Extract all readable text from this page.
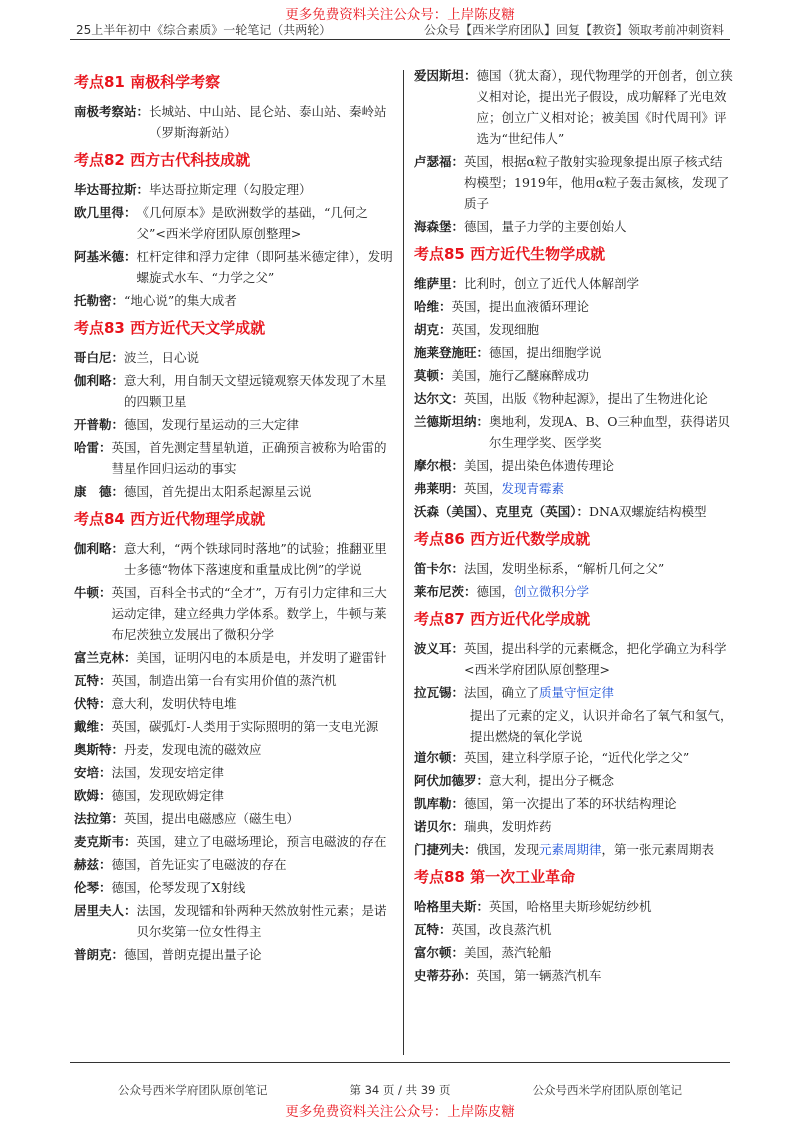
更多免费资料关注公众号：上岸陈皮糖
25上半年初中《综合素质》一轮笔记（共两轮）	公众号【西米学府团队】回复【教资】领取考前冲刺资料
考点81 南极科学考察
南极考察站： 长城站、中山站、昆仑站、泰山站、秦岭站（罗斯海新站）
考点82 西方古代科技成就
毕达哥拉斯： 毕达哥拉斯定理（勾股定理）
欧几里得： 《几何原本》是欧洲数学的基础，“几何之父”<西米学府团队原创整理>
阿基米德： 杠杆定律和浮力定律（即阿基米德定律），发明螺旋式水车、“力学之父”
托勒密： “地心说”的集大成者
考点83 西方近代天文学成就
哥白尼： 波兰，日心说
伽利略： 意大利，用自制天文望远镜观察天体发现了木星的四颗卫星
开普勒： 德国，发现行星运动的三大定律
哈雷： 英国，首先测定彗星轨道，正确预言被称为哈雷的彗星作回归运动的事实
康　德： 德国，首先提出太阳系起源星云说
考点84 西方近代物理学成就
伽利略： 意大利，“两个铁球同时落地”的试验；推翻亚里士多德“物体下落速度和重量成比例”的学说
牛顿： 英国，百科全书式的“全才”，万有引力定律和三大运动定律，建立经典力学体系。数学上，牛顿与莱布尼茨独立发展出了微积分学
富兰克林： 美国，证明闪电的本质是电，并发明了避雷针
瓦特： 英国，制造出第一台有实用价值的蒸汽机
伏特： 意大利，发明伏特电堆
戴维： 英国，碳弧灯-人类用于实际照明的第一支电光源
奥斯特： 丹麦，发现电流的磁效应
安培： 法国，发现安培定律
欧姆： 德国，发现欧姆定律
法拉第： 英国，提出电磁感应（磁生电）
麦克斯韦： 英国，建立了电磁场理论，预言电磁波的存在
赫兹： 德国，首先证实了电磁波的存在
伦琴： 德国，伦琴发现了X射线
居里夫人： 法国，发现镭和钋两种天然放射性元素；是诺贝尔奖第一位女性得主
普朗克： 德国，普朗克提出量子论
爱因斯坦： 德国（犹太裔），现代物理学的开创者，创立狭义相对论，提出光子假设，成功解释了光电效应；创立广义相对论；被美国《时代周刊》评选为“世纪伟人”
卢瑟福： 英国，根据α粒子散射实验现象提出原子核式结构模型；1919年，他用α粒子轰击氮核，发现了质子
海森堡： 德国，量子力学的主要创始人
考点85 西方近代生物学成就
维萨里： 比利时，创立了近代人体解剖学
哈维： 英国，提出血液循环理论
胡克： 英国，发现细胞
施莱登施旺： 德国，提出细胞学说
莫顿： 美国，施行乙醚麻醉成功
达尔文： 英国，出版《物种起源》，提出了生物进化论
兰德斯坦纳： 奥地利，发现A、B、O三种血型，获得诺贝尔生理学奖、医学奖
摩尔根： 美国，提出染色体遗传理论
弗莱明： 英国，发现青霉素
沃森（美国）、克里克（英国）： DNA双螺旋结构模型
考点86 西方近代数学成就
笛卡尔： 法国，发明坐标系，“解析几何之父”
莱布尼茨： 德国，创立微积分学
考点87 西方近代化学成就
波义耳： 英国，提出科学的元素概念，把化学确立为科学<西米学府团队原创整理>
拉瓦锡： 法国，确立了质量守恒定律
提出了元素的定义，认识并命名了氧气和氢气，提出燃烧的氧化学说
道尔顿： 英国，建立科学原子论，“近代化学之父”
阿伏加德罗： 意大利，提出分子概念
凯库勒： 德国，第一次提出了苯的环状结构理论
诺贝尔： 瑞典，发明炸药
门捷列夫： 俄国，发现元素周期律，第一张元素周期表
考点88 第一次工业革命
哈格里夫斯： 英国，哈格里夫斯珍妮纺纱机
瓦特： 英国，改良蒸汽机
富尔顿： 美国，蒸汽轮船
史蒂芬孙： 英国，第一辆蒸汽机车
公众号西米学府团队原创笔记	第 34 页 / 共 39 页	公众号西米学府团队原创笔记
更多免费资料关注公众号：上岸陈皮糖
